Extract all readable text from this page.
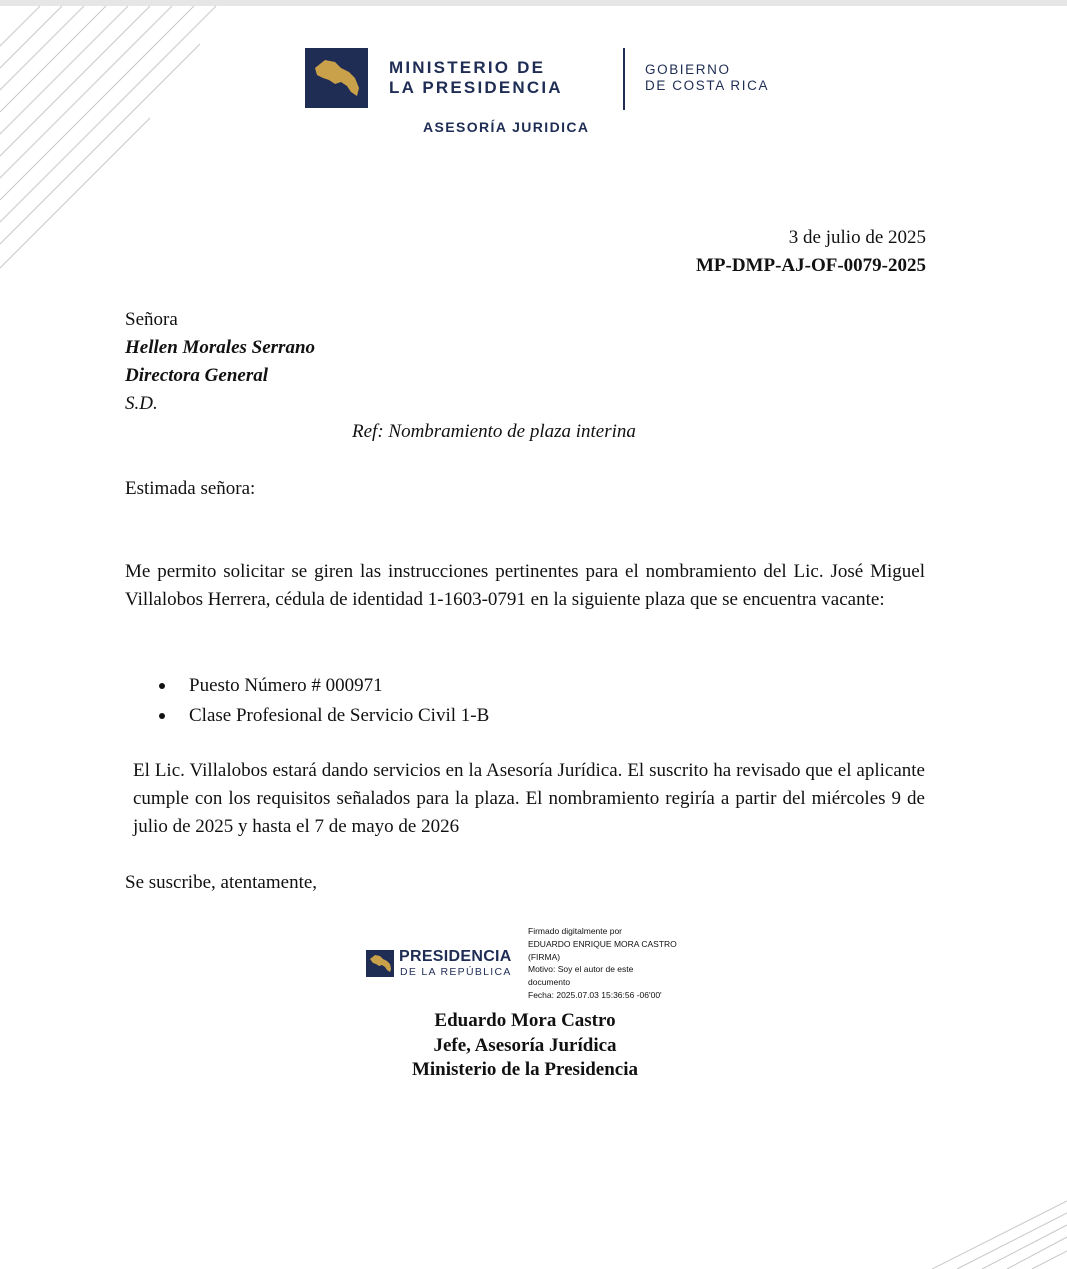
MINISTERIO DE
LA PRESIDENCIA
GOBIERNO
DE COSTA RICA
ASESORÍA JURIDICA
3 de julio de 2025
MP-DMP-AJ-OF-0079-2025
Señora
Hellen Morales Serrano
Directora General
S.D.
Ref: Nombramiento de plaza interina
Estimada señora:
Me permito solicitar se giren las instrucciones pertinentes para el nombramiento del Lic. José Miguel Villalobos Herrera, cédula de identidad 1-1603-0791 en la siguiente plaza que se encuentra vacante:
Puesto Número # 000971
Clase Profesional de Servicio Civil 1-B
El Lic. Villalobos estará dando servicios en la Asesoría Jurídica. El suscrito ha revisado que el aplicante cumple con los requisitos señalados para la plaza. El nombramiento regiría a partir del miércoles 9 de julio de 2025 y hasta el 7 de mayo de 2026
Se suscribe, atentamente,
PRESIDENCIA
DE LA REPÚBLICA
Firmado digitalmente por
EDUARDO ENRIQUE MORA CASTRO
(FIRMA)
Motivo: Soy el autor de este
documento
Fecha: 2025.07.03 15:36:56 -06'00'
Eduardo Mora Castro
Jefe, Asesoría Jurídica
Ministerio de la Presidencia
